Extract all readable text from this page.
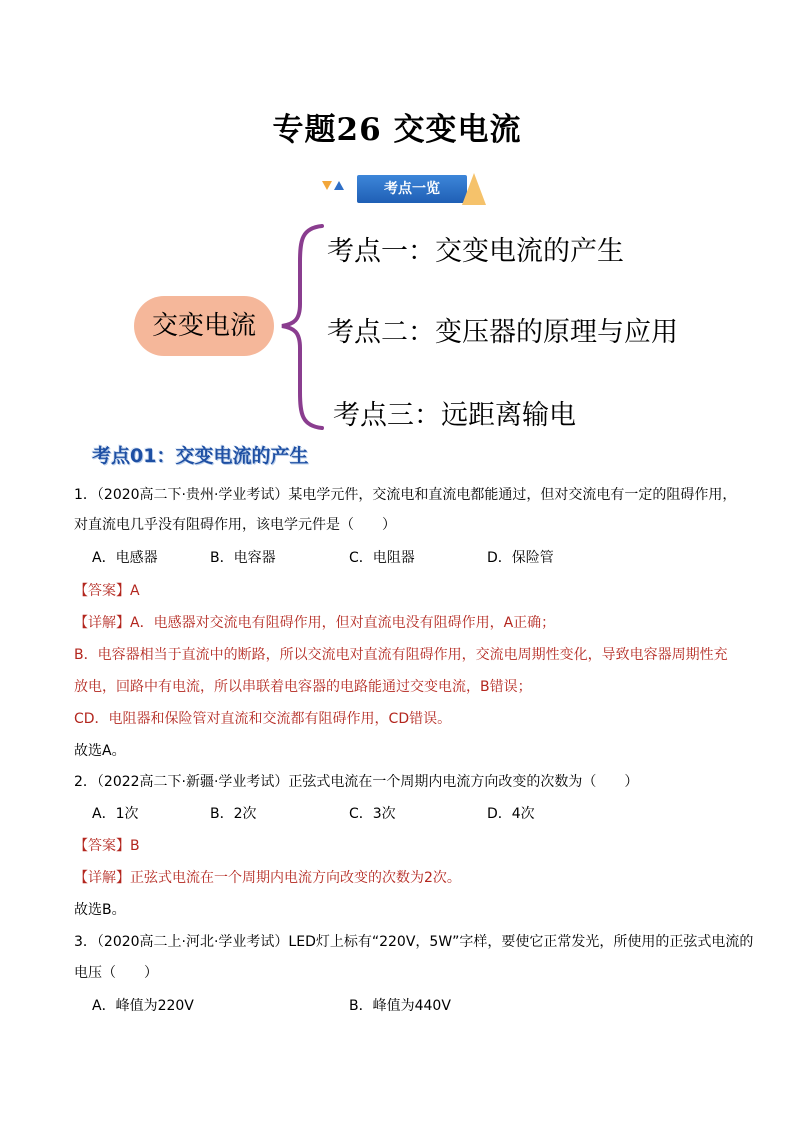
专题26 交变电流
考点一览
交变电流
考点一：交变电流的产生
考点二：变压器的原理与应用
考点三：远距离输电
考点01：交变电流的产生
1．（2020高二下·贵州·学业考试）某电学元件，交流电和直流电都能通过，但对交流电有一定的阻碍作用，
对直流电几乎没有阻碍作用，该电学元件是（　　）
A．电感器	B．电容器	C．电阻器	D．保险管
【答案】A
【详解】A．电感器对交流电有阻碍作用，但对直流电没有阻碍作用，A正确；
B．电容器相当于直流中的断路，所以交流电对直流有阻碍作用，交流电周期性变化，导致电容器周期性充
放电，回路中有电流，所以串联着电容器的电路能通过交变电流，B错误；
CD．电阻器和保险管对直流和交流都有阻碍作用，CD错误。
故选A。
2．（2022高二下·新疆·学业考试）正弦式电流在一个周期内电流方向改变的次数为（　　）
A．1次	B．2次	C．3次	D．4次
【答案】B
【详解】正弦式电流在一个周期内电流方向改变的次数为2次。
故选B。
3．（2020高二上·河北·学业考试）LED灯上标有“220V，5W”字样，要使它正常发光，所使用的正弦式电流的
电压（　　）
A．峰值为220V	B．峰值为440V
